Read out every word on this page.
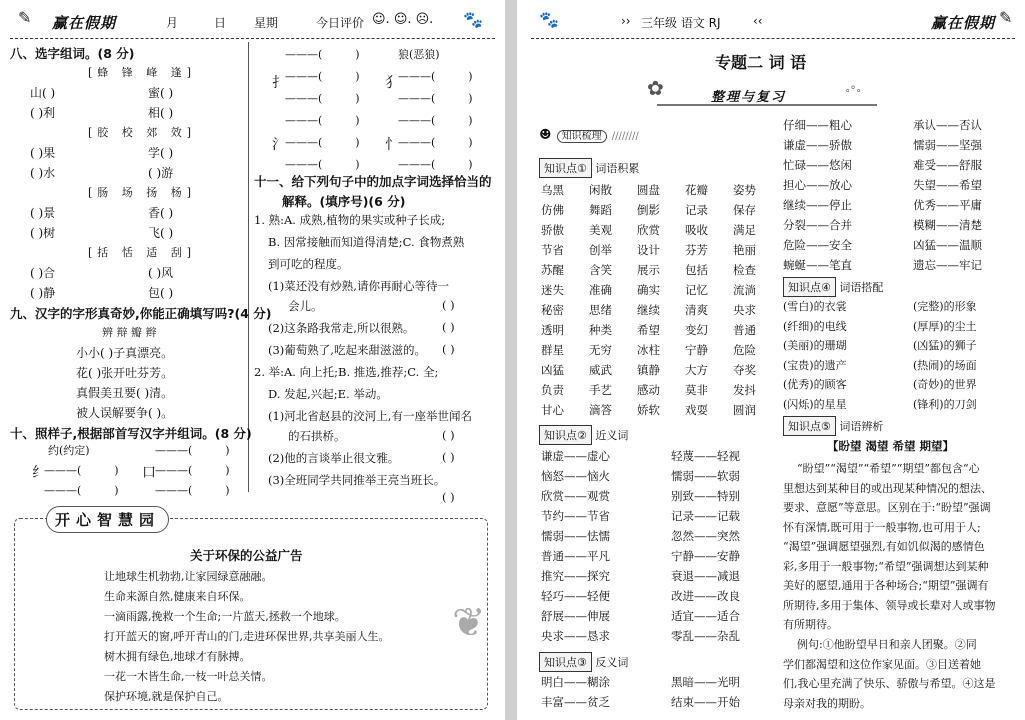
✎ 赢在假期	月	日 星期	今日评价 ☺. ☺. ☹. 🐾
八、选字组词。(8 分)
[蜂 锋 峰 逢]
山( )	蜜( )
( )利	相( )
[胶 校 郊 效]
( )果	学( )
( )水	( )游
[肠 场 扬 杨]
( )景	香( )
( )树	飞( )
[括 恬 适 刮]
( )合	( )风
( )静	包( )
九、汉字的字形真奇妙,你能正确填写吗?(4 分)
辨 辩 瓣 辫
小小( )子真漂亮。
花( )张开吐芬芳。
真假美丑要( )清。
被人误解要争( )。
十、照样子,根据部首写汉字并组词。(8 分)
纟
约(约定)
———(　　　)
———(　　　)
口
———(　　　)
———(　　　)
———(　　　)
扌
———(　　　)
———(　　　)
———(　　　)
犭
狼(恶狼)
———(　　　)
———(　　　)
氵
———(　　　)
———(　　　)
———(　　　)
忄
———(　　　)
———(　　　)
———(　　　)
十一、给下列句子中的加点字词选择恰当的
解释。(填序号)(6 分)
1. 熟:A. 成熟,植物的果实或种子长成;
B. 因常接触而知道得清楚;C. 食物煮熟
到可吃的程度。
(1)菜还没有炒熟,请你再耐心等待一
会儿。	( )
(2)这条路我常走,所以很熟。 ( )
(3)葡萄熟了,吃起来甜滋滋的。 ( )
2. 举:A. 向上托;B. 推选,推荐;C. 全;
D. 发起,兴起;E. 举动。
(1)河北省赵县的洨河上,有一座举世闻名
的石拱桥。	( )
(2)他的言谈举止很文雅。	( )
(3)全班同学共同推举王亮当班长。
( )
开心智慧园
关于环保的公益广告
让地球生机勃勃,让家园绿意融融。
生命来源自然,健康来自环保。
一滴雨露,挽救一个生命;一片蓝天,拯救一个地球。
打开蓝天的窗,呼开青山的门,走进环保世界,共享美丽人生。
树木拥有绿色,地球才有脉搏。
一花一木皆生命,一枝一叶总关情。
保护环境,就是保护自己。
❦
🐾	›› 三年级 语文 RJ	‹‹	赢在假期 ✎
专题二 词 语
✿	整理与复习	∘°∘
☻ 知识梳理 ////////
知识点① 词语积累
知识点② 近义词
知识点③ 反义词
知识点④ 词语搭配
知识点⑤ 词语辨析
【盼望 渴望 希望 期望】
乌黑 闲散 圆盘 花瓣 姿势
仿佛 舞蹈 倒影 记录 保存
骄傲 美观 欣赏 吸收 满足
节省 创举 设计 芬芳 艳丽
苏醒 含笑 展示 包括 检查
迷失 准确 确实 记忆 流淌
秘密 思绪 继续 清爽 央求
透明 种类 希望 变幻 普通
群星 无穷 冰柱 宁静 危险
凶猛 威武 镇静 大方 夺奖
负责 手艺 感动 莫非 发抖
甘心 滴答 娇软 戏耍 圆润
谦虚——虚心	轻蔑——轻视
恼怒——恼火	懦弱——软弱
欣赏——观赏	别致——特别
节约——节省	记录——记载
懦弱——怯懦	忽然——突然
普通——平凡	宁静——安静
推究——探究	衰退——减退
轻巧——轻便	改进——改良
舒展——伸展	适宜——适合
央求——恳求	零乱——杂乱
明白——糊涂	黑暗——光明
丰富——贫乏	结束——开始
仔细——粗心	承认——否认
谦虚——骄傲	懦弱——坚强
忙碌——悠闲	难受——舒服
担心——放心	失望——希望
继续——停止	优秀——平庸
分裂——合并	模糊——清楚
危险——安全	凶猛——温顺
蜿蜒——笔直	遗忘——牢记
(雪白)的衣裳	(完整)的形象
(纤细)的电线	(厚厚)的尘土
(美丽)的珊瑚	(凶猛)的狮子
(宝贵)的遗产	(热闹)的场面
(优秀)的顾客	(奇妙)的世界
(闪烁)的星星	(锋利)的刀剑
“盼望”“渴望”“希望”“期望”都包含“心
里想达到某种目的或出现某种情况的想法、
要求、意愿”等意思。区别在于:“盼望”强调
怀有深情,既可用于一般事物,也可用于人;
“渴望”强调愿望强烈,有如饥似渴的感情色
彩,多用于一般事物;“希望”强调想达到某种
美好的愿望,通用于各种场合;“期望”强调有
所期待,多用于集体、领导或长辈对人或事物
有所期待。
例句:①他盼望早日和亲人团聚。②同
学们都渴望和这位作家见面。③目送着她
们,我心里充满了快乐、骄傲与希望。④这是
母亲对我的期盼。
